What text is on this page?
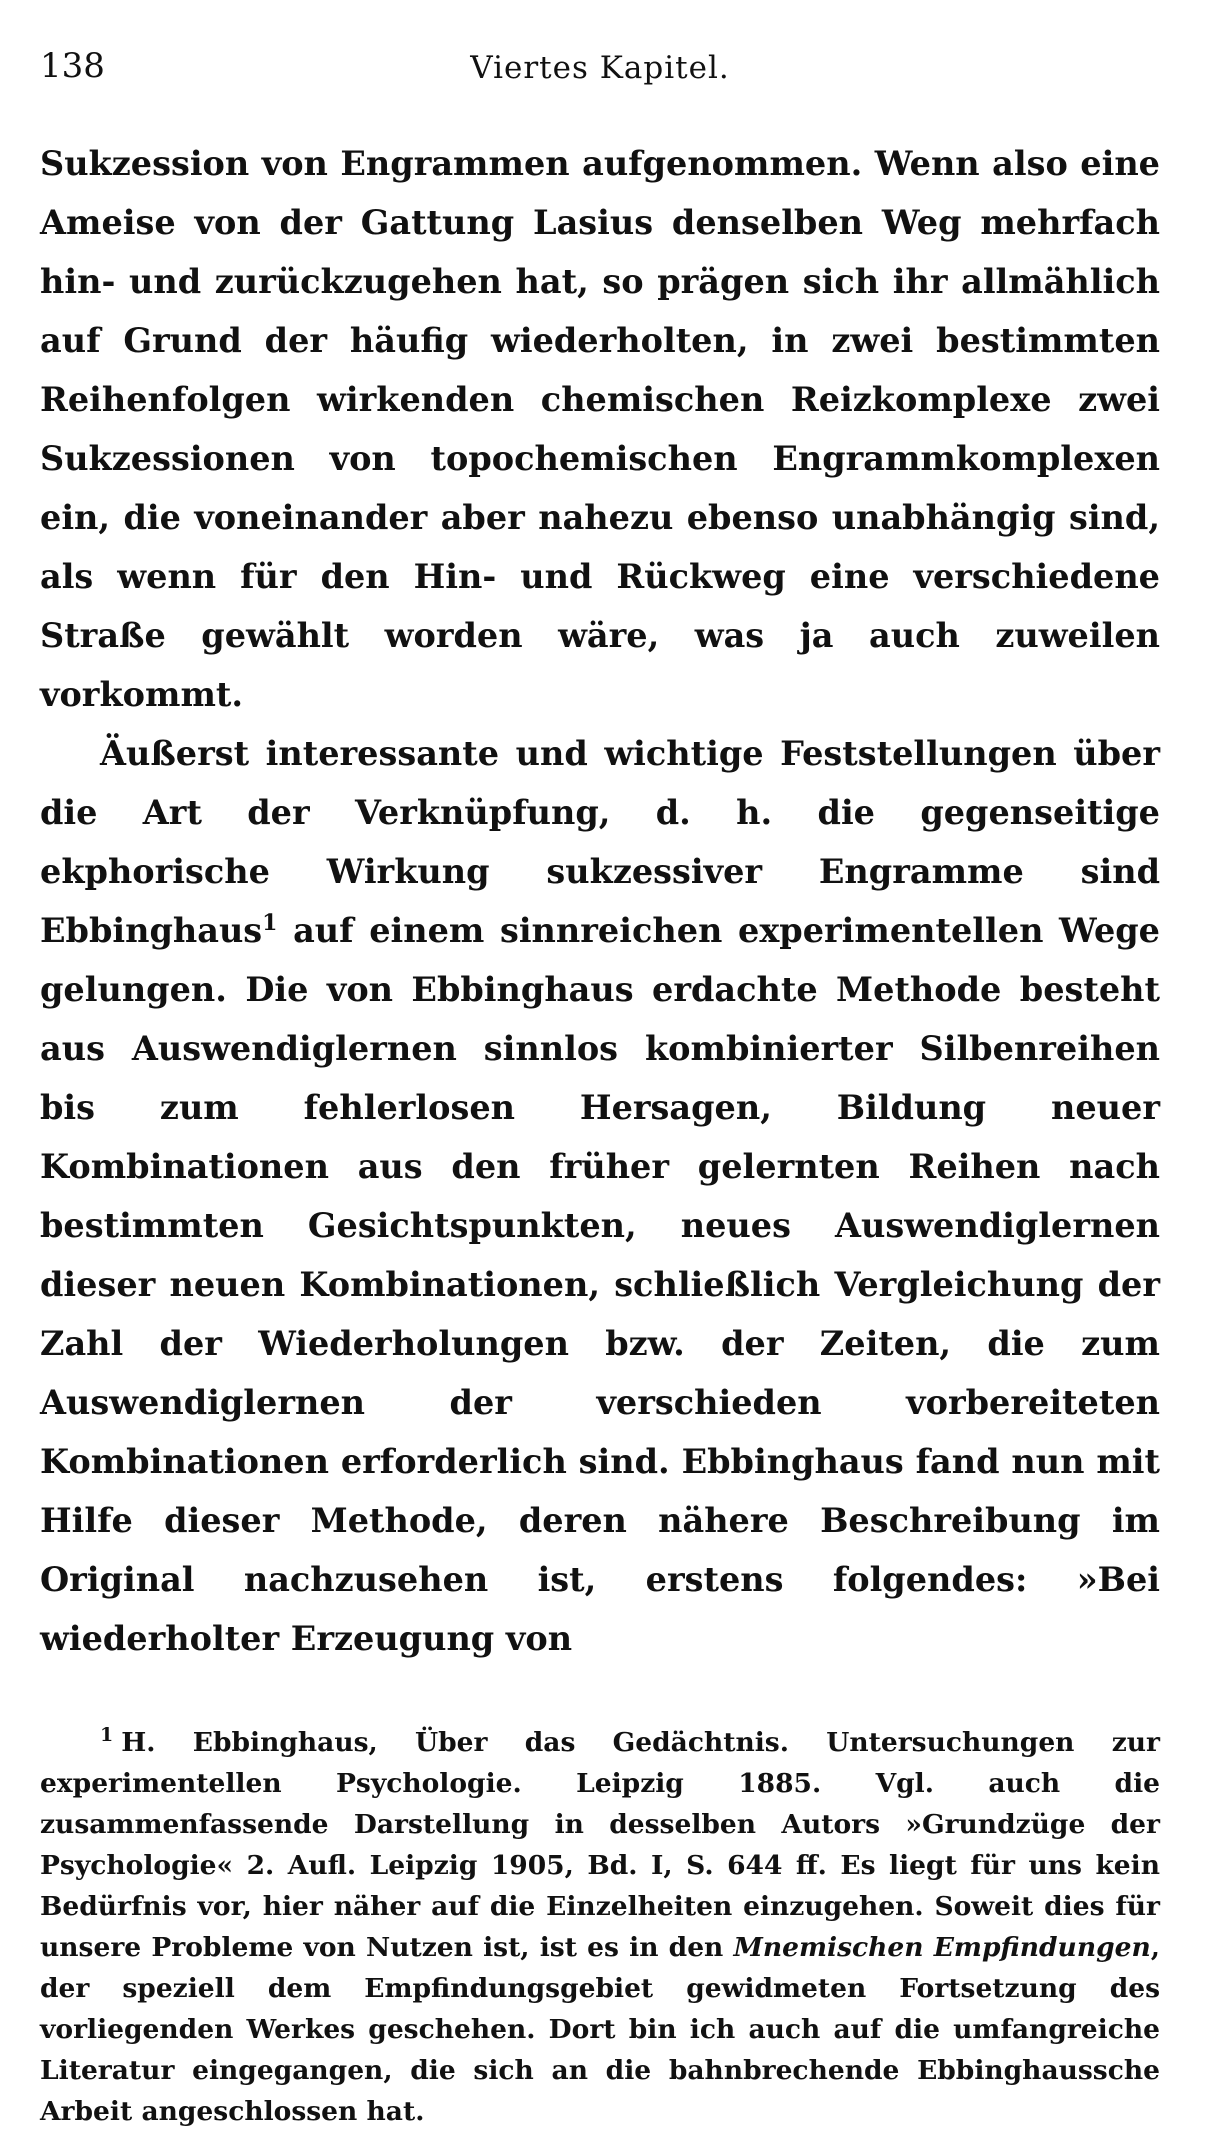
138	Viertes Kapitel.

Sukzession von Engrammen aufgenommen. Wenn also eine Ameise von der Gattung Lasius denselben Weg mehrfach hin- und zurückzugehen hat, so prägen sich ihr allmählich auf Grund der häufig wiederholten, in zwei bestimmten Reihenfolgen wirkenden chemischen Reizkomplexe zwei Sukzessionen von topochemischen Engrammkomplexen ein, die voneinander aber nahezu ebenso unabhängig sind, als wenn für den Hin- und Rückweg eine verschiedene Straße gewählt worden wäre, was ja auch zuweilen vorkommt.

Äußerst interessante und wichtige Feststellungen über die Art der Verknüpfung, d. h. die gegenseitige ekphorische Wirkung sukzessiver Engramme sind Ebbinghaus$^1$ auf einem sinnreichen experimentellen Wege gelungen. Die von Ebbinghaus erdachte Methode besteht aus Auswendiglernen sinnlos kombinierter Silbenreihen bis zum fehlerlosen Hersagen, Bildung neuer Kombinationen aus den früher gelernten Reihen nach bestimmten Gesichtspunkten, neues Auswendiglernen dieser neuen Kombinationen, schließlich Vergleichung der Zahl der Wiederholungen bzw. der Zeiten, die zum Auswendiglernen der verschieden vorbereiteten Kombinationen erforderlich sind. Ebbinghaus fand nun mit Hilfe dieser Methode, deren nähere Beschreibung im Original nachzusehen ist, erstens folgendes: »Bei wiederholter Erzeugung von

$^1$ H. Ebbinghaus, Über das Gedächtnis. Untersuchungen zur experimentellen Psychologie. Leipzig 1885. Vgl. auch die zusammenfassende Darstellung in desselben Autors »Grundzüge der Psychologie« 2. Aufl. Leipzig 1905, Bd. I, S. 644 ff. Es liegt für uns kein Bedürfnis vor, hier näher auf die Einzelheiten einzugehen. Soweit dies für unsere Probleme von Nutzen ist, ist es in den Mnemischen Empfindungen, der speziell dem Empfindungsgebiet gewidmeten Fortsetzung des vorliegenden Werkes geschehen. Dort bin ich auch auf die umfangreiche Literatur eingegangen, die sich an die bahnbrechende Ebbinghaussche Arbeit angeschlossen hat.
